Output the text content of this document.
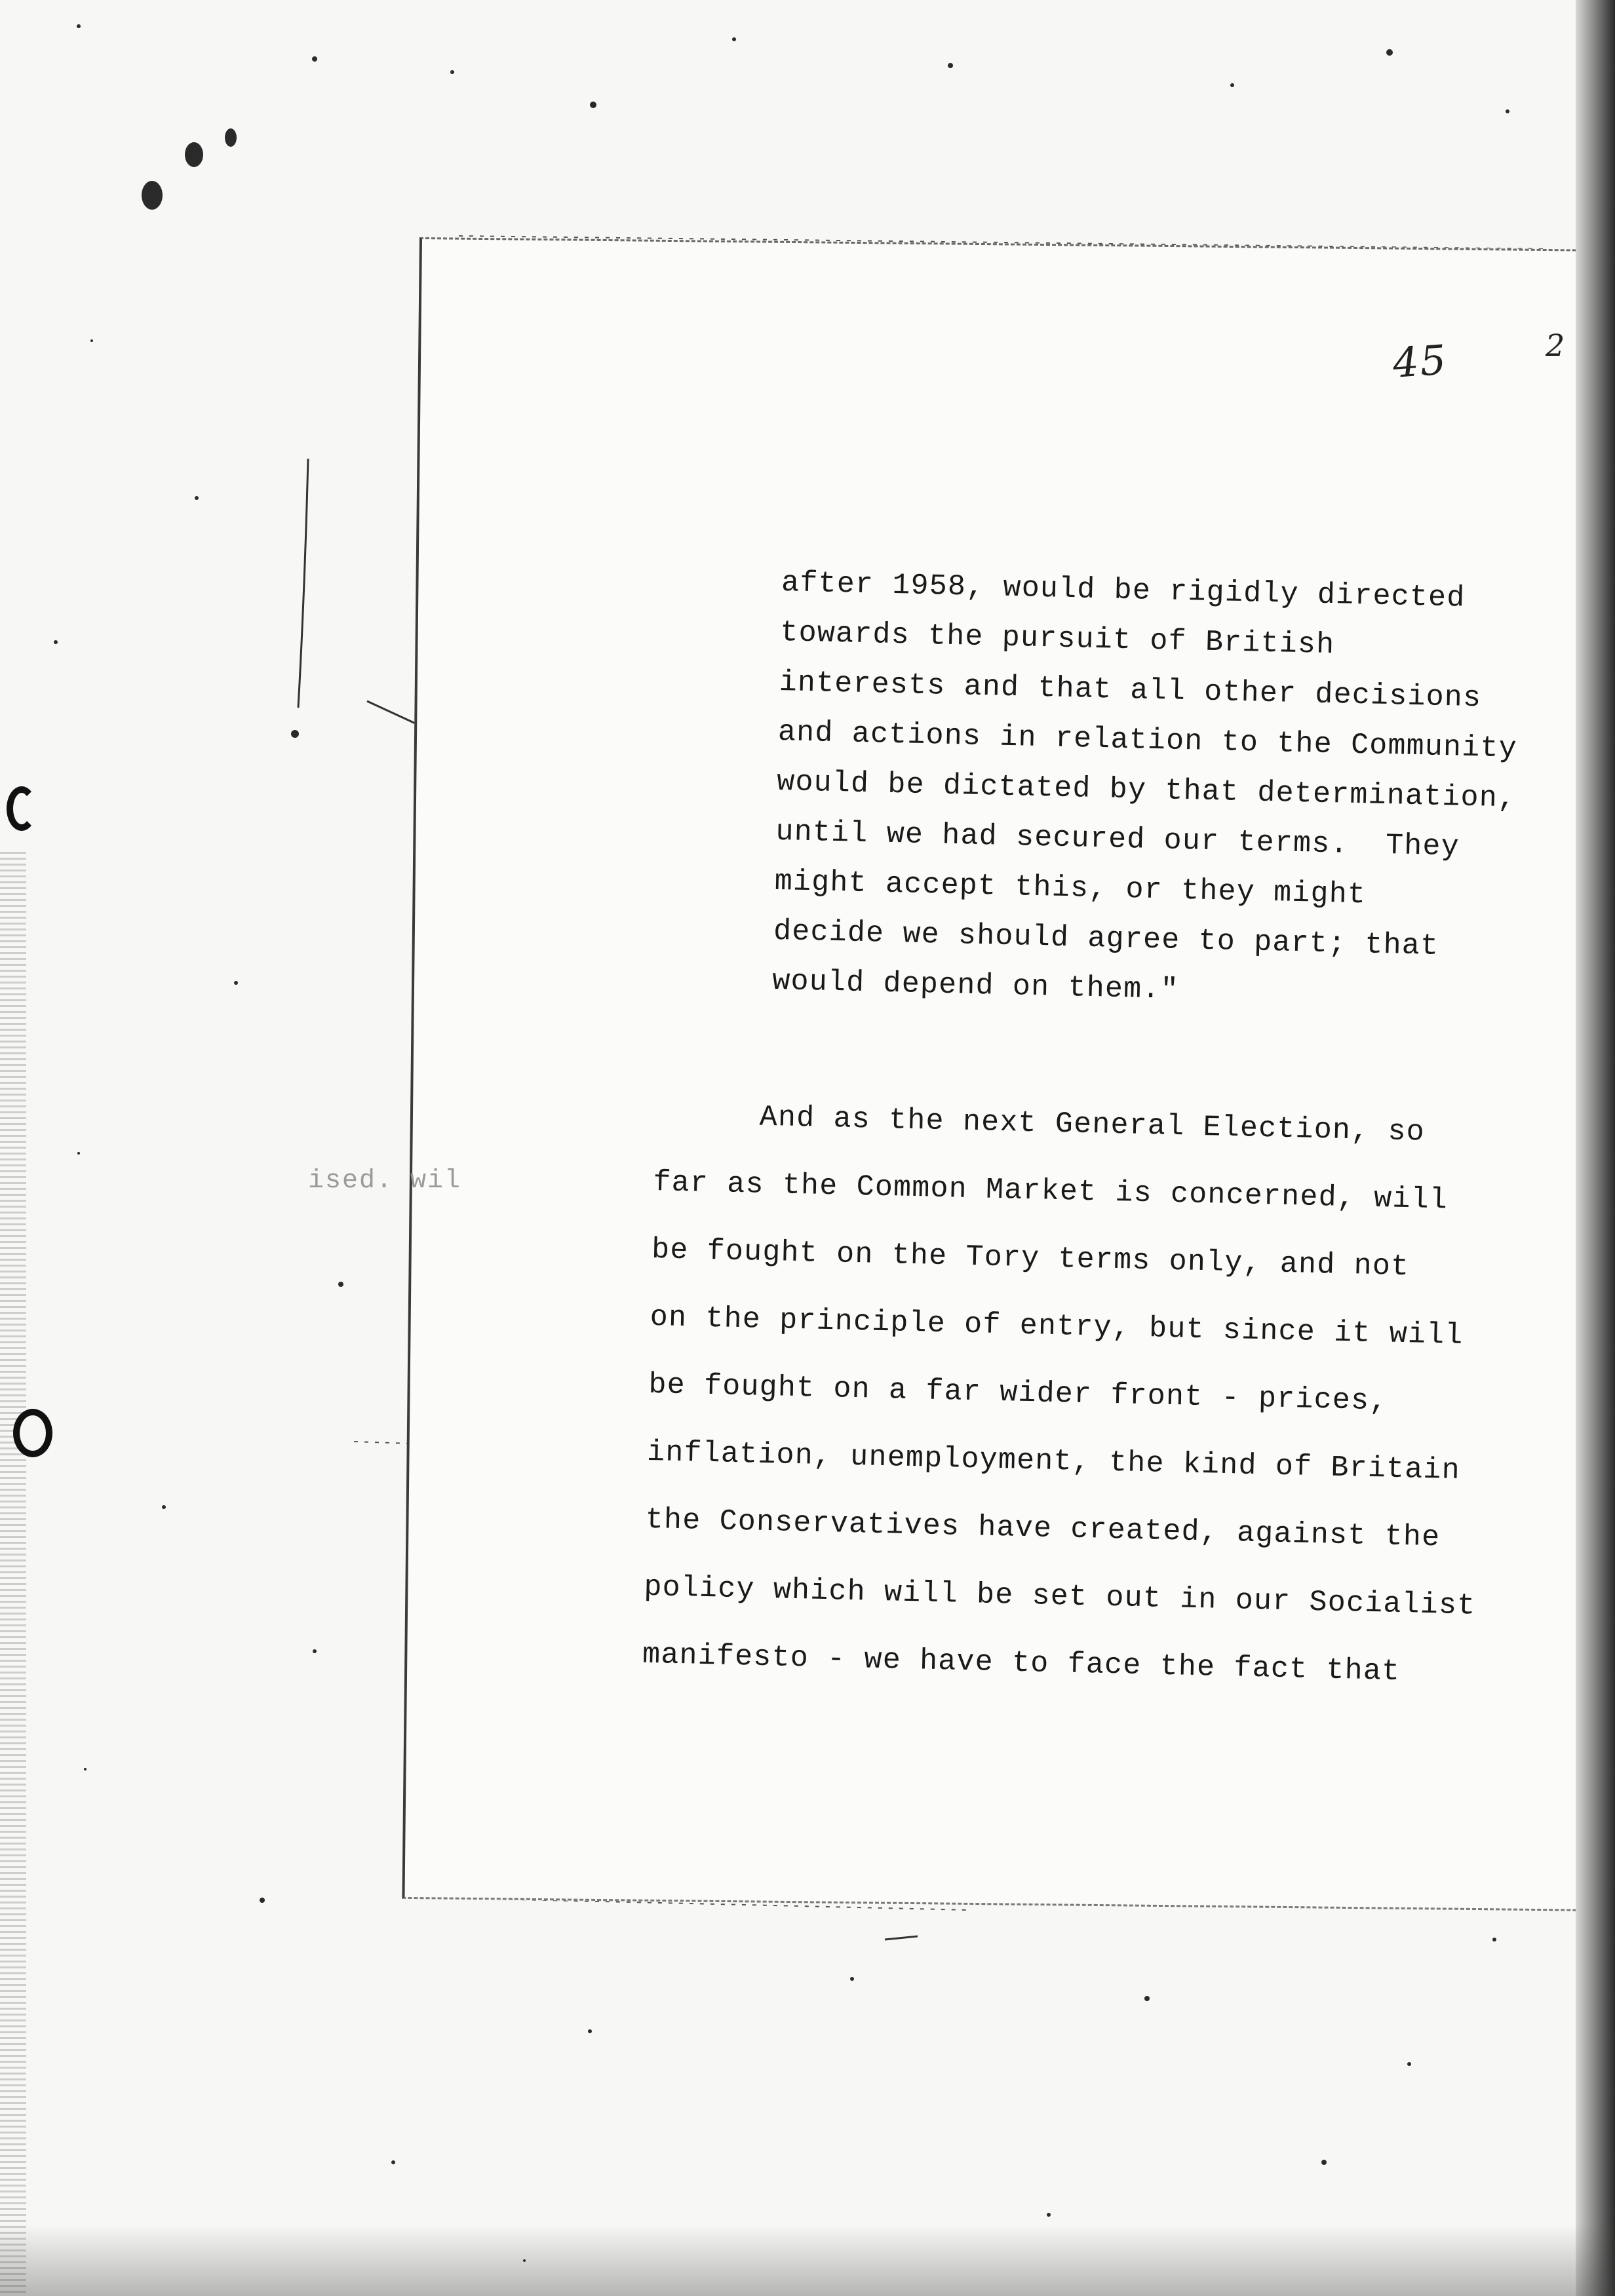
45	2
ised. wil
after 1958, would be rigidly directed
towards the pursuit of British
interests and that all other decisions
and actions in relation to the Community
would be dictated by that determination,
until we had secured our terms.  They
might accept this, or they might
decide we should agree to part; that
would depend on them."
And as the next General Election, so
far as the Common Market is concerned, will
be fought on the Tory terms only, and not
on the principle of entry, but since it will
be fought on a far wider front - prices,
inflation, unemployment, the kind of Britain
the Conservatives have created, against the
policy which will be set out in our Socialist
manifesto - we have to face the fact that
